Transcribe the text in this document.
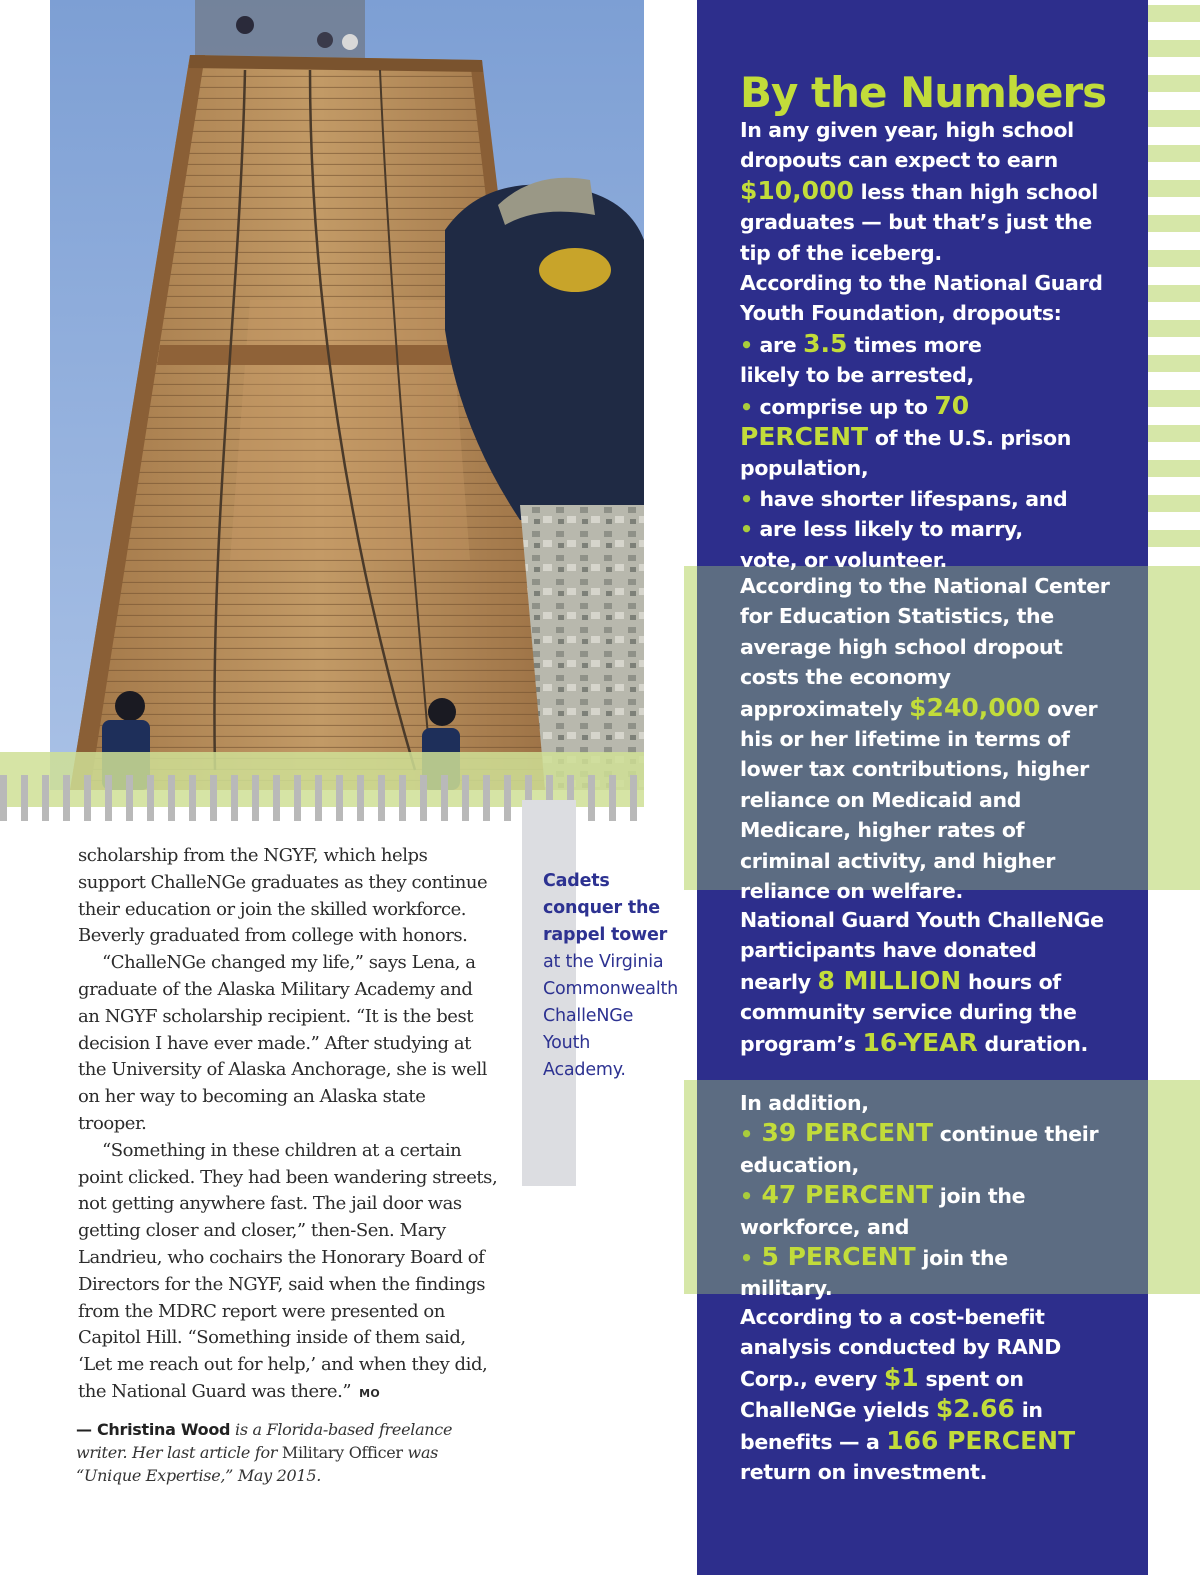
scholarship from the NGYF, which helps support ChalleNGe graduates as they continue their education or join the skilled workforce. Beverly graduated from college with honors.

“ChalleNGe changed my life,” says Lena, a graduate of the Alaska Military Academy and an NGYF scholarship recipient. “It is the best decision I have ever made.” After studying at the University of Alaska Anchorage, she is well on her way to becoming an Alaska state trooper.

“Something in these children at a certain point clicked. They had been wandering streets, not getting anywhere fast. The jail door was getting closer and closer,” then-Sen. Mary Landrieu, who cochairs the Honorary Board of Directors for the NGYF, said when the findings from the MDRC report were presented on Capitol Hill. “Something inside of them said, ‘Let me reach out for help,’ and when they did, the National Guard was there.” MO

— Christina Wood is a Florida-based freelance writer. Her last article for Military Officer was “Unique Expertise,” May 2015.
Cadets conquer the rappel tower at the Virginia Commonwealth ChalleNGe Youth Academy.
By the Numbers

In any given year, high school dropouts can expect to earn $10,000 less than high school graduates — but that’s just the tip of the iceberg.

According to the National Guard Youth Foundation, dropouts:

• are 3.5 times more likely to be arrested,

• comprise up to 70 PERCENT of the U.S. prison population,

• have shorter lifespans, and

• are less likely to marry, vote, or volunteer.

According to the National Center for Education Statistics, the average high school dropout costs the economy approximately $240,000 over his or her lifetime in terms of lower tax contributions, higher reliance on Medicaid and Medicare, higher rates of criminal activity, and higher reliance on welfare.

National Guard Youth ChalleNGe participants have donated nearly 8 MILLION hours of community service during the program’s 16-YEAR duration.

In addition,

• 39 PERCENT continue their education,

• 47 PERCENT join the workforce, and

• 5 PERCENT join the military.

According to a cost-benefit analysis conducted by RAND Corp., every $1 spent on ChalleNGe yields $2.66 in benefits — a 166 PERCENT return on investment.
